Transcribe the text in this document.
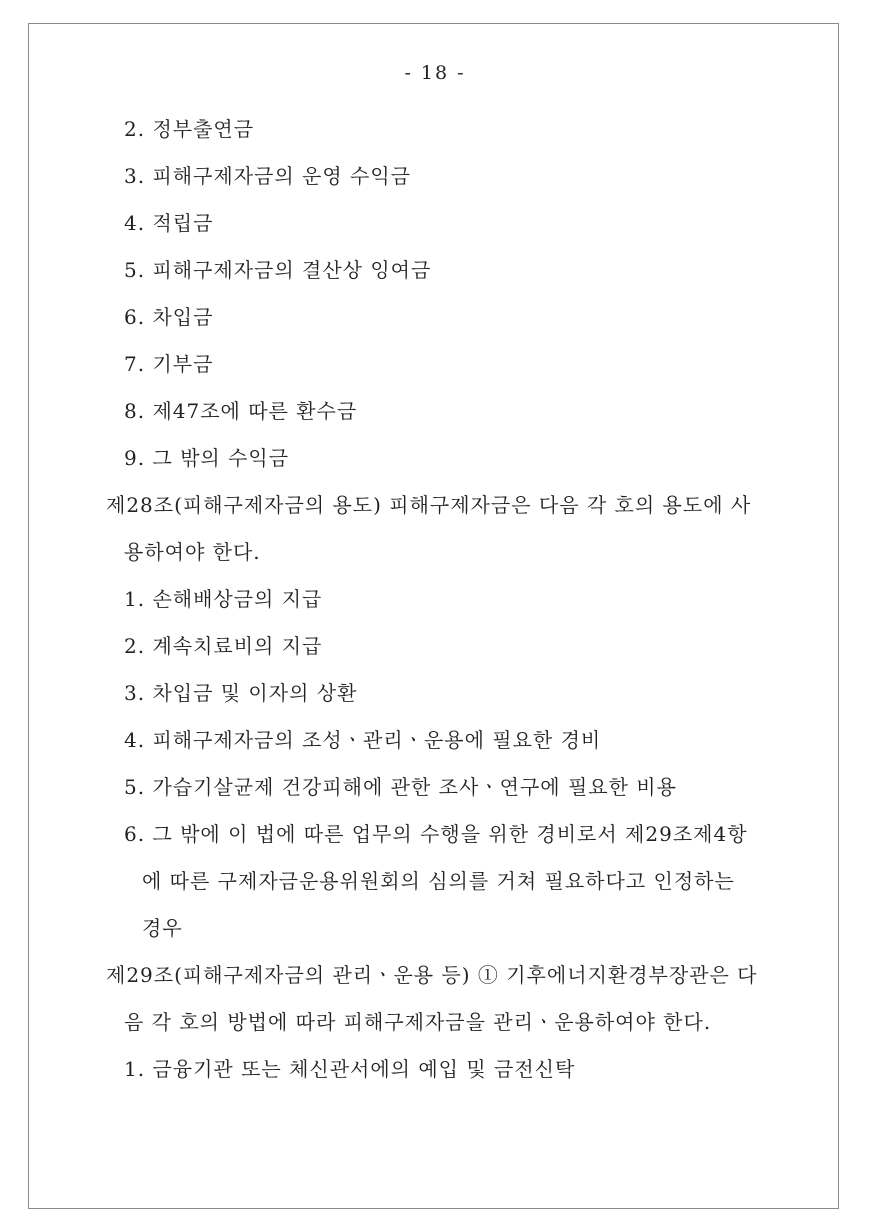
- 18 -
2. 정부출연금
3. 피해구제자금의 운영 수익금
4. 적립금
5. 피해구제자금의 결산상 잉여금
6. 차입금
7. 기부금
8. 제47조에 따른 환수금
9. 그 밖의 수익금
제28조(피해구제자금의 용도) 피해구제자금은 다음 각 호의 용도에 사
용하여야 한다.
1. 손해배상금의 지급
2. 계속치료비의 지급
3. 차입금 및 이자의 상환
4. 피해구제자금의 조성ㆍ관리ㆍ운용에 필요한 경비
5. 가습기살균제 건강피해에 관한 조사ㆍ연구에 필요한 비용
6. 그 밖에 이 법에 따른 업무의 수행을 위한 경비로서 제29조제4항
에 따른 구제자금운용위원회의 심의를 거쳐 필요하다고 인정하는
경우
제29조(피해구제자금의 관리ㆍ운용 등) ① 기후에너지환경부장관은 다
음 각 호의 방법에 따라 피해구제자금을 관리ㆍ운용하여야 한다.
1. 금융기관 또는 체신관서에의 예입 및 금전신탁
